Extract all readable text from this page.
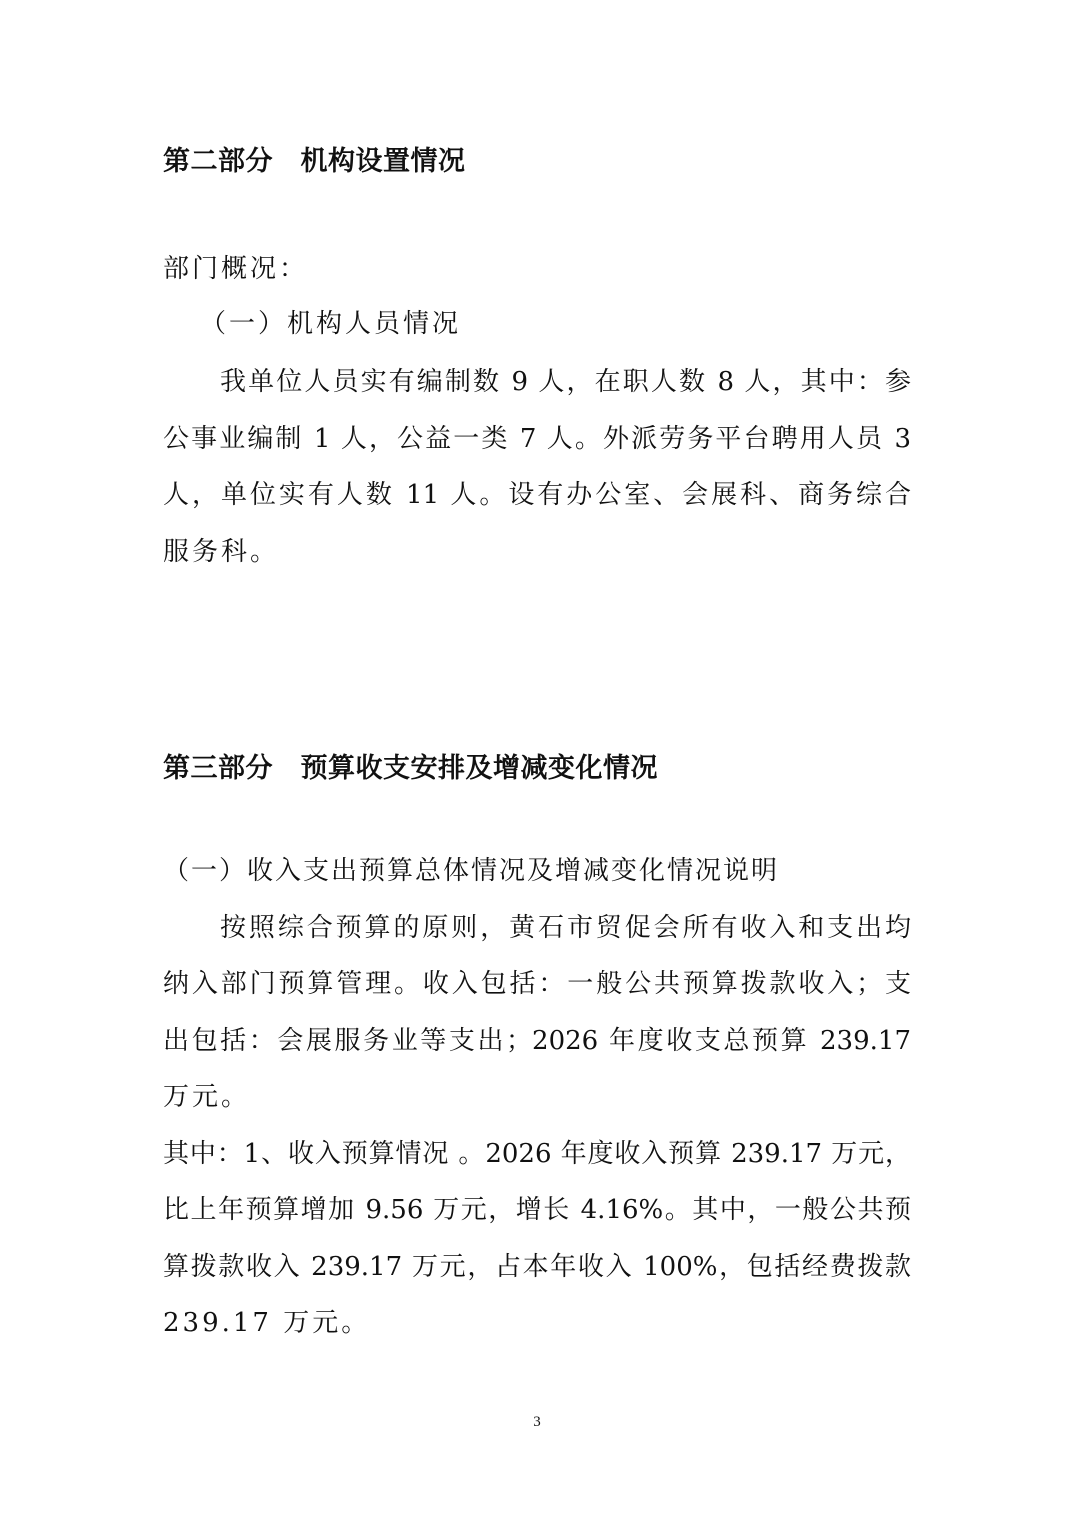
第二部分　机构设置情况
部门概况：
（一）机构人员情况
我单位人员实有编制数 9 人，在职人数 8 人，其中：参
公事业编制 1 人，公益一类 7 人。外派劳务平台聘用人员 3
人，单位实有人数 11 人。设有办公室、会展科、商务综合
服务科。
第三部分　预算收支安排及增减变化情况
（一）收入支出预算总体情况及增减变化情况说明
按照综合预算的原则，黄石市贸促会所有收入和支出均
纳入部门预算管理。收入包括：一般公共预算拨款收入；支
出包括：会展服务业等支出；2026 年度收支总预算 239.17
万元。
其中：1、收入预算情况 。2026 年度收入预算 239.17 万元，
比上年预算增加 9.56 万元，增长 4.16%。其中，一般公共预
算拨款收入 239.17 万元，占本年收入 100%，包括经费拨款
239.17 万元。
3
